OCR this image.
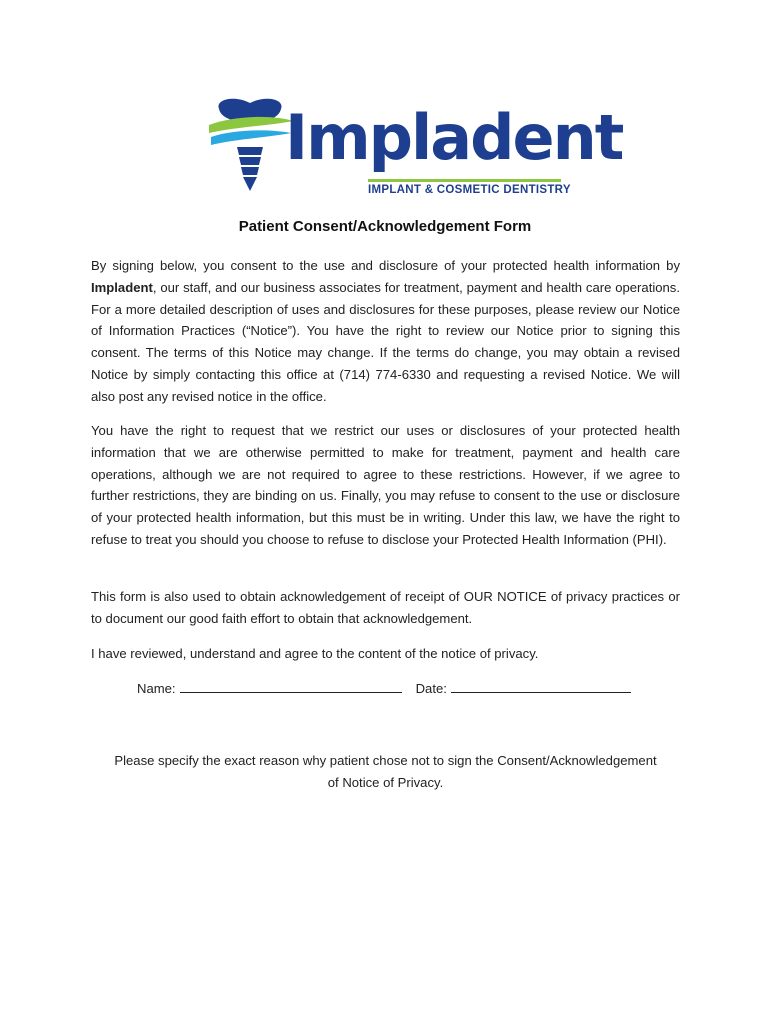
Impladent
IMPLANT & COSMETIC DENTISTRY
Patient Consent/Acknowledgement Form

By signing below, you consent to the use and disclosure of your protected health information by Impladent, our staff, and our business associates for treatment, payment and health care operations. For a more detailed description of uses and disclosures for these purposes, please review our Notice of Information Practices (“Notice”). You have the right to review our Notice prior to signing this consent. The terms of this Notice may change. If the terms do change, you may obtain a revised Notice by simply contacting this office at (714) 774-6330 and requesting a revised Notice. We will also post any revised notice in the office.

You have the right to request that we restrict our uses or disclosures of your protected health information that we are otherwise permitted to make for treatment, payment and health care operations, although we are not required to agree to these restrictions. However, if we agree to further restrictions, they are binding on us. Finally, you may refuse to consent to the use or disclosure of your protected health information, but this must be in writing. Under this law, we have the right to refuse to treat you should you choose to refuse to disclose your Protected Health Information (PHI).

This form is also used to obtain acknowledgement of receipt of OUR NOTICE of privacy practices or to document our good faith effort to obtain that acknowledgement.

I have reviewed, understand and agree to the content of the notice of privacy.

Name:	Date:
Please specify the exact reason why patient chose not to sign the Consent/Acknowledgement
of Notice of Privacy.
